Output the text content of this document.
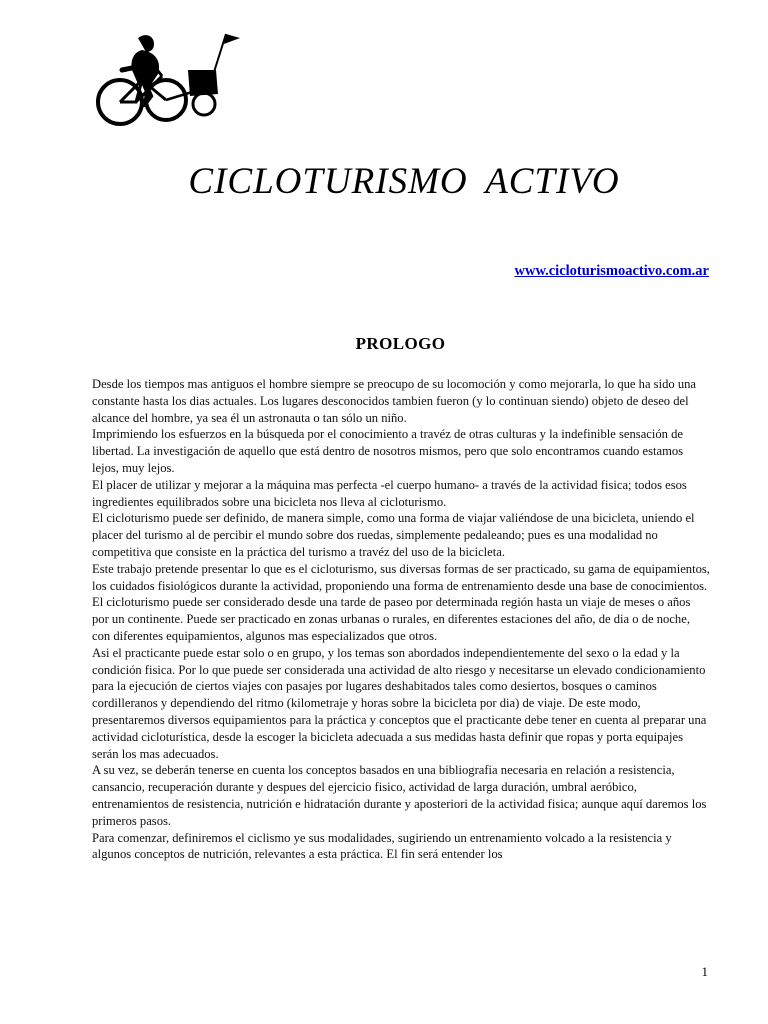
CICLOTURISMO ACTIVO
www.cicloturismoactivo.com.ar
PROLOGO

Desde los tiempos mas antiguos el hombre siempre se preocupo de su locomoción y como mejorarla, lo que ha sido una constante hasta los dias actuales. Los lugares desconocidos tambien fueron (y lo continuan siendo) objeto de deseo del alcance del hombre, ya sea él un astronauta o tan sólo un niño.

Imprimiendo los esfuerzos en la búsqueda por el conocimiento a travéz de otras culturas y la indefinible sensación de libertad. La investigación de aquello que está dentro de nosotros mismos, pero que solo encontramos cuando estamos lejos, muy lejos.

El placer de utilizar y mejorar a la máquina mas perfecta -el cuerpo humano- a través de la actividad fisica; todos esos ingredientes equilibrados sobre una bicicleta nos lleva al cicloturismo.

El cicloturismo puede ser definido, de manera simple, como una forma de viajar valiéndose de una bicicleta, uniendo el placer del turismo al de percibir el mundo sobre dos ruedas, simplemente pedaleando; pues es una modalidad no competitiva que consiste en la práctica del turismo a travéz del uso de la bicicleta.

Este trabajo pretende presentar lo que es el cicloturismo, sus diversas formas de ser practicado, su gama de equipamientos, los cuidados fisiológicos durante la actividad, proponiendo una forma de entrenamiento desde una base de conocimientos.

El cicloturismo puede ser considerado desde una tarde de paseo por determinada región hasta un viaje de meses o años por un continente. Puede ser practicado en zonas urbanas o rurales, en diferentes estaciones del año, de dia o de noche, con diferentes equipamientos, algunos mas especializados que otros.

Asi el practicante puede estar solo o en grupo, y los temas son abordados independientemente del sexo o la edad y la condición fisica. Por lo que puede ser considerada una actividad de alto riesgo y necesitarse un elevado condicionamiento para la ejecución de ciertos viajes con pasajes por lugares deshabitados tales como desiertos, bosques o caminos cordilleranos y dependiendo del ritmo (kilometraje y horas sobre la bicicleta por dia) de viaje. De este modo, presentaremos diversos equipamientos para la práctica y conceptos que el practicante debe tener en cuenta al preparar una actividad cicloturística, desde la escoger la bicicleta adecuada a sus medidas hasta definir que ropas y porta equipajes serán los mas adecuados.

A su vez, se deberán tenerse en cuenta los conceptos basados en una bibliografia necesaria en relación a resistencia, cansancio, recuperación durante y despues del ejercicio fisico, actividad de larga duración, umbral aeróbico, entrenamientos de resistencia, nutrición e hidratación durante y aposteriori de la actividad fisica; aunque aquí daremos los primeros pasos.

Para comenzar, definiremos el ciclismo ye sus modalidades, sugiriendo un entrenamiento volcado a la resistencia y algunos conceptos de nutrición, relevantes a esta práctica. El fin será entender los

1
